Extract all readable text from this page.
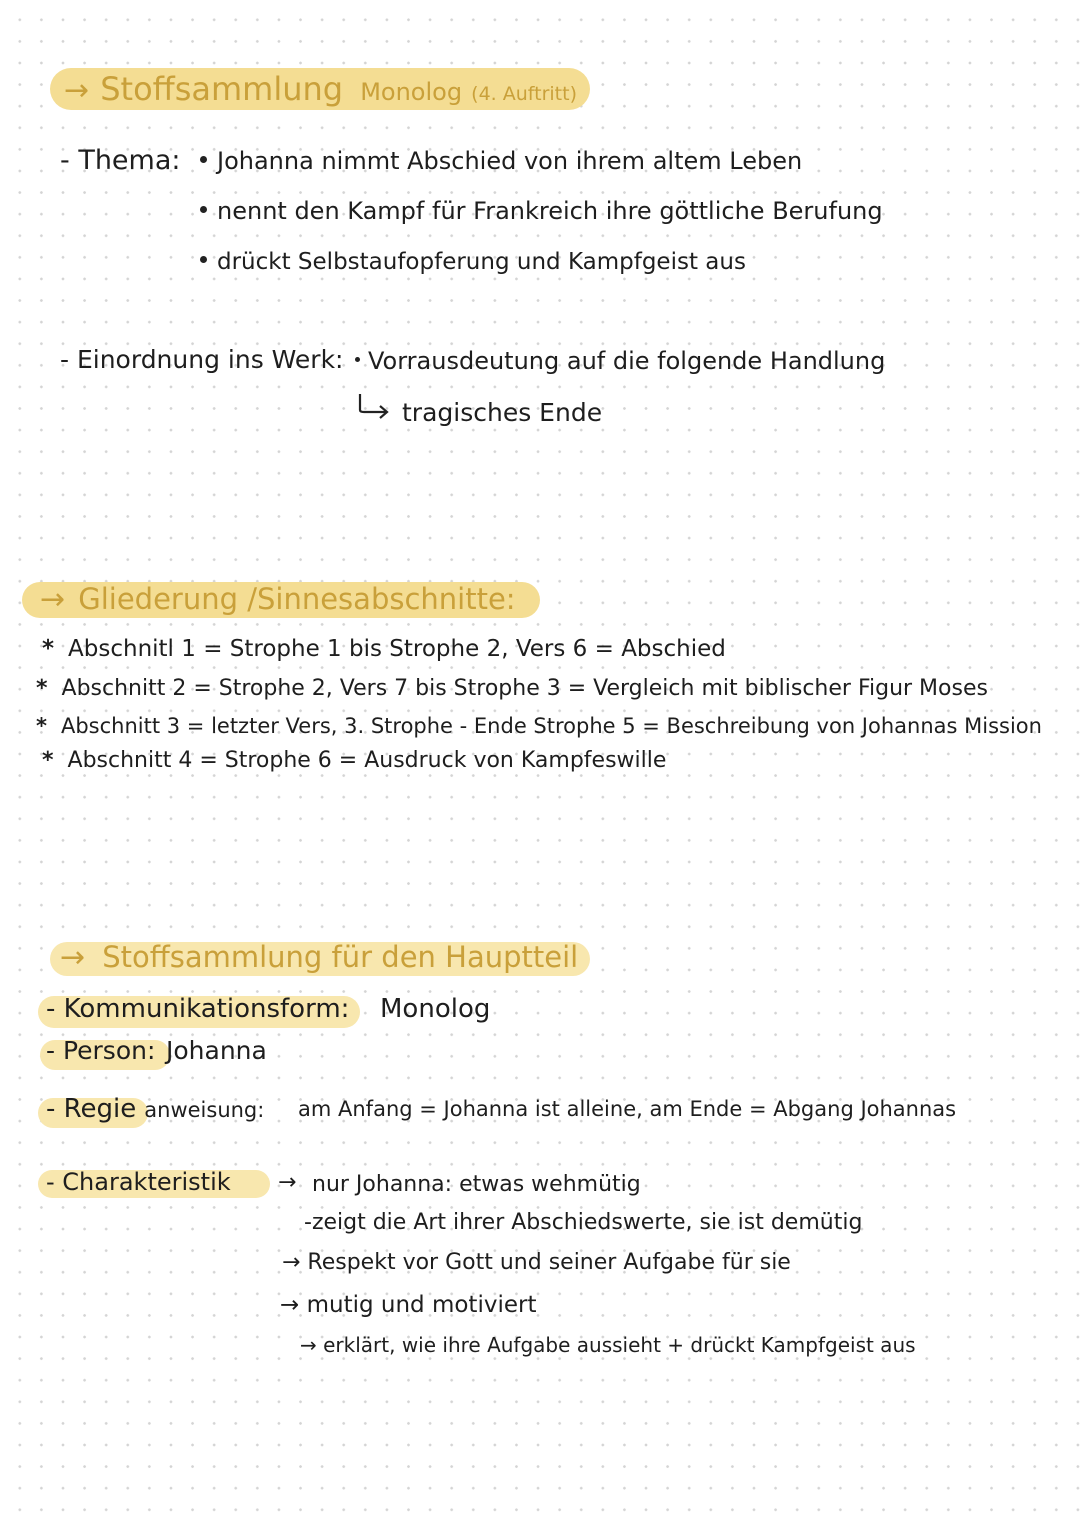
→ Stoffsammlung Monolog (4. Auftritt)
- Thema:	Johanna nimmt Abschied von ihrem altem Leben
nennt den Kampf für Frankreich ihre göttliche Berufung
drückt Selbstaufopferung und Kampfgeist aus
- Einordnung ins Werk:	Vorrausdeutung auf die folgende Handlung
tragisches Ende
→ Gliederung /Sinnesabschnitte:
* Abschnitl 1 = Strophe 1 bis Strophe 2, Vers 6 = Abschied
* Abschnitt 2 = Strophe 2, Vers 7 bis Strophe 3 = Vergleich mit biblischer Figur Moses
* Abschnitt 3 = letzter Vers, 3. Strophe - Ende Strophe 5 = Beschreibung von Johannas Mission
* Abschnitt 4 = Strophe 6 = Ausdruck von Kampfeswille
→ Stoffsammlung für den Hauptteil
- Kommunikationsform: Monolog
- Person: Johanna
- Regie anweisung: am Anfang = Johanna ist alleine, am Ende = Abgang Johannas
- Charakteristik → nur Johanna: etwas wehmütig
-zeigt die Art ihrer Abschiedswerte, sie ist demütig
→ Respekt vor Gott und seiner Aufgabe für sie
→ mutig und motiviert
→ erklärt, wie ihre Aufgabe aussieht + drückt Kampfgeist aus
